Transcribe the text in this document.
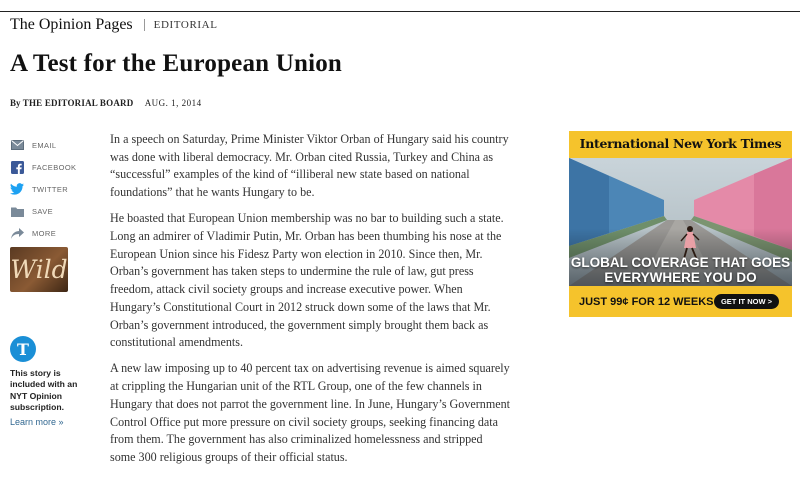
The Opinion Pages EDITORIAL
A Test for the European Union
By THE EDITORIAL BOARD AUG. 1, 2014
EMAIL
FACEBOOK
TWITTER
SAVE
MORE
Wild
T
This story is included with an NYT Opinion subscription.
Learn more »

In a speech on Saturday, Prime Minister Viktor Orban of Hungary said his country was done with liberal democracy. Mr. Orban cited Russia, Turkey and China as “successful” examples of the kind of “illiberal new state based on national foundations” that he wants Hungary to be.

He boasted that European Union membership was no bar to building such a state. Long an admirer of Vladimir Putin, Mr. Orban has been thumbing his nose at the European Union since his Fidesz Party won election in 2010. Since then, Mr. Orban’s government has taken steps to undermine the rule of law, gut press freedom, attack civil society groups and increase executive power. When Hungary’s Constitutional Court in 2012 struck down some of the laws that Mr. Orban’s government introduced, the government simply brought them back as constitutional amendments.

A new law imposing up to 40 percent tax on advertising revenue is aimed squarely at crippling the Hungarian unit of the RTL Group, one of the few channels in Hungary that does not parrot the government line. In June, Hungary’s Government Control Office put more pressure on civil society groups, seeking financing data from them. The government has also criminalized homelessness and stripped some 300 religious groups of their official status.

International New York Times
GLOBAL COVERAGE THAT GOES EVERYWHERE YOU DO
JUST 99¢ FOR 12 WEEKS GET IT NOW >
